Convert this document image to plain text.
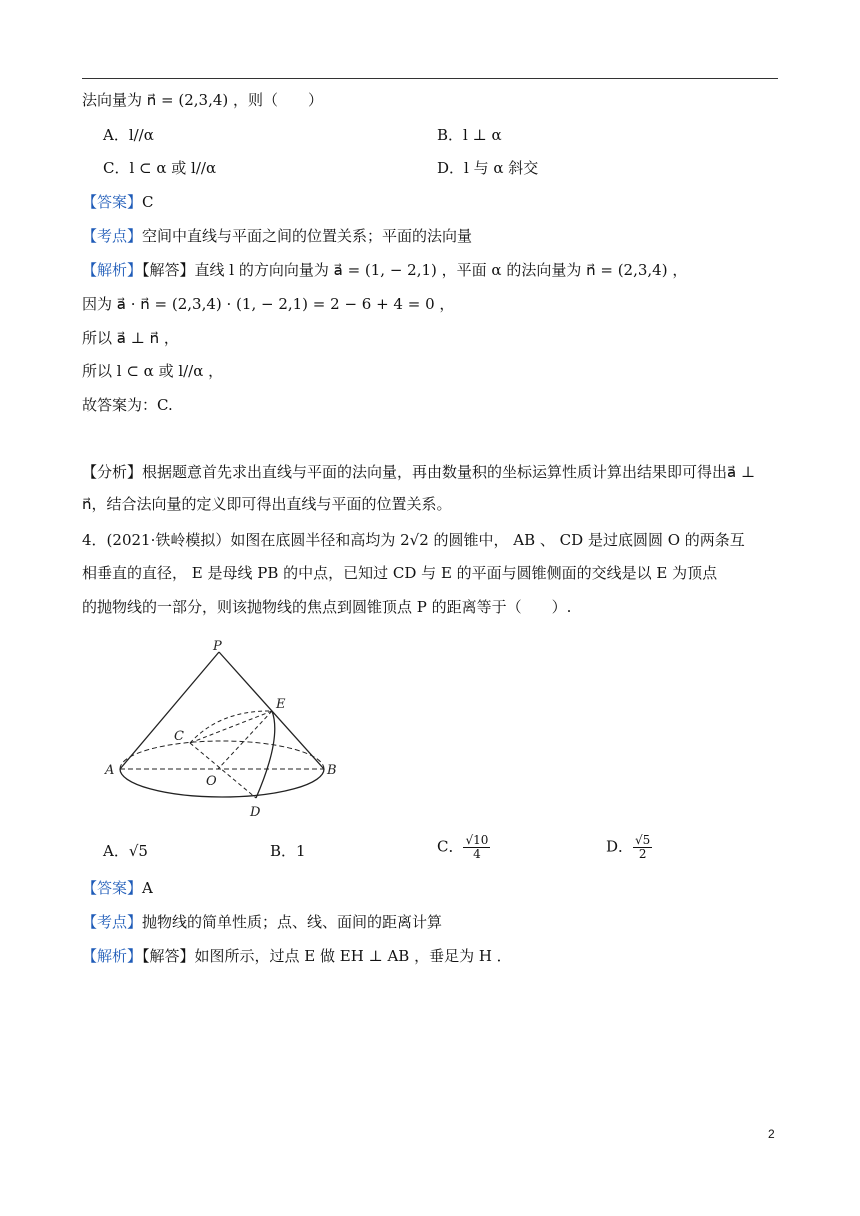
法向量为 n⃗ = (2,3,4) ，则（　　）
A．l//α	B．l ⊥ α
C．l ⊂ α 或 l//α	D．l 与 α 斜交
【答案】C
【考点】空间中直线与平面之间的位置关系；平面的法向量
【解析】【解答】直线 l 的方向向量为 a⃗ = (1, − 2,1) ，平面 α 的法向量为 n⃗ = (2,3,4) ，
因为 a⃗ · n⃗ = (2,3,4) · (1, − 2,1) = 2 − 6 + 4 = 0 ，
所以 a⃗ ⊥ n⃗ ，
所以 l ⊂ α 或 l//α ，
故答案为：C.
【分析】根据题意首先求出直线与平面的法向量，再由数量积的坐标运算性质计算出结果即可得出a⃗ ⊥
n⃗，结合法向量的定义即可得出直线与平面的位置关系。
4．(2021·铁岭模拟）如图在底圆半径和高均为 2√2 的圆锥中， AB 、 CD 是过底圆圆 O 的两条互
相垂直的直径， E 是母线 PB 的中点，已知过 CD 与 E 的平面与圆锥侧面的交线是以 E 为顶点
的抛物线的一部分，则该抛物线的焦点到圆锥顶点 P 的距离等于（　　）.
P
E
C
A
O
B
D
A．√5	B．1	C． $\frac{√10}{4}$	D． $\frac{√5}{2}$
【答案】A
【考点】抛物线的简单性质；点、线、面间的距离计算
【解析】【解答】如图所示，过点 E 做 EH ⊥ AB ，垂足为 H ．
2
